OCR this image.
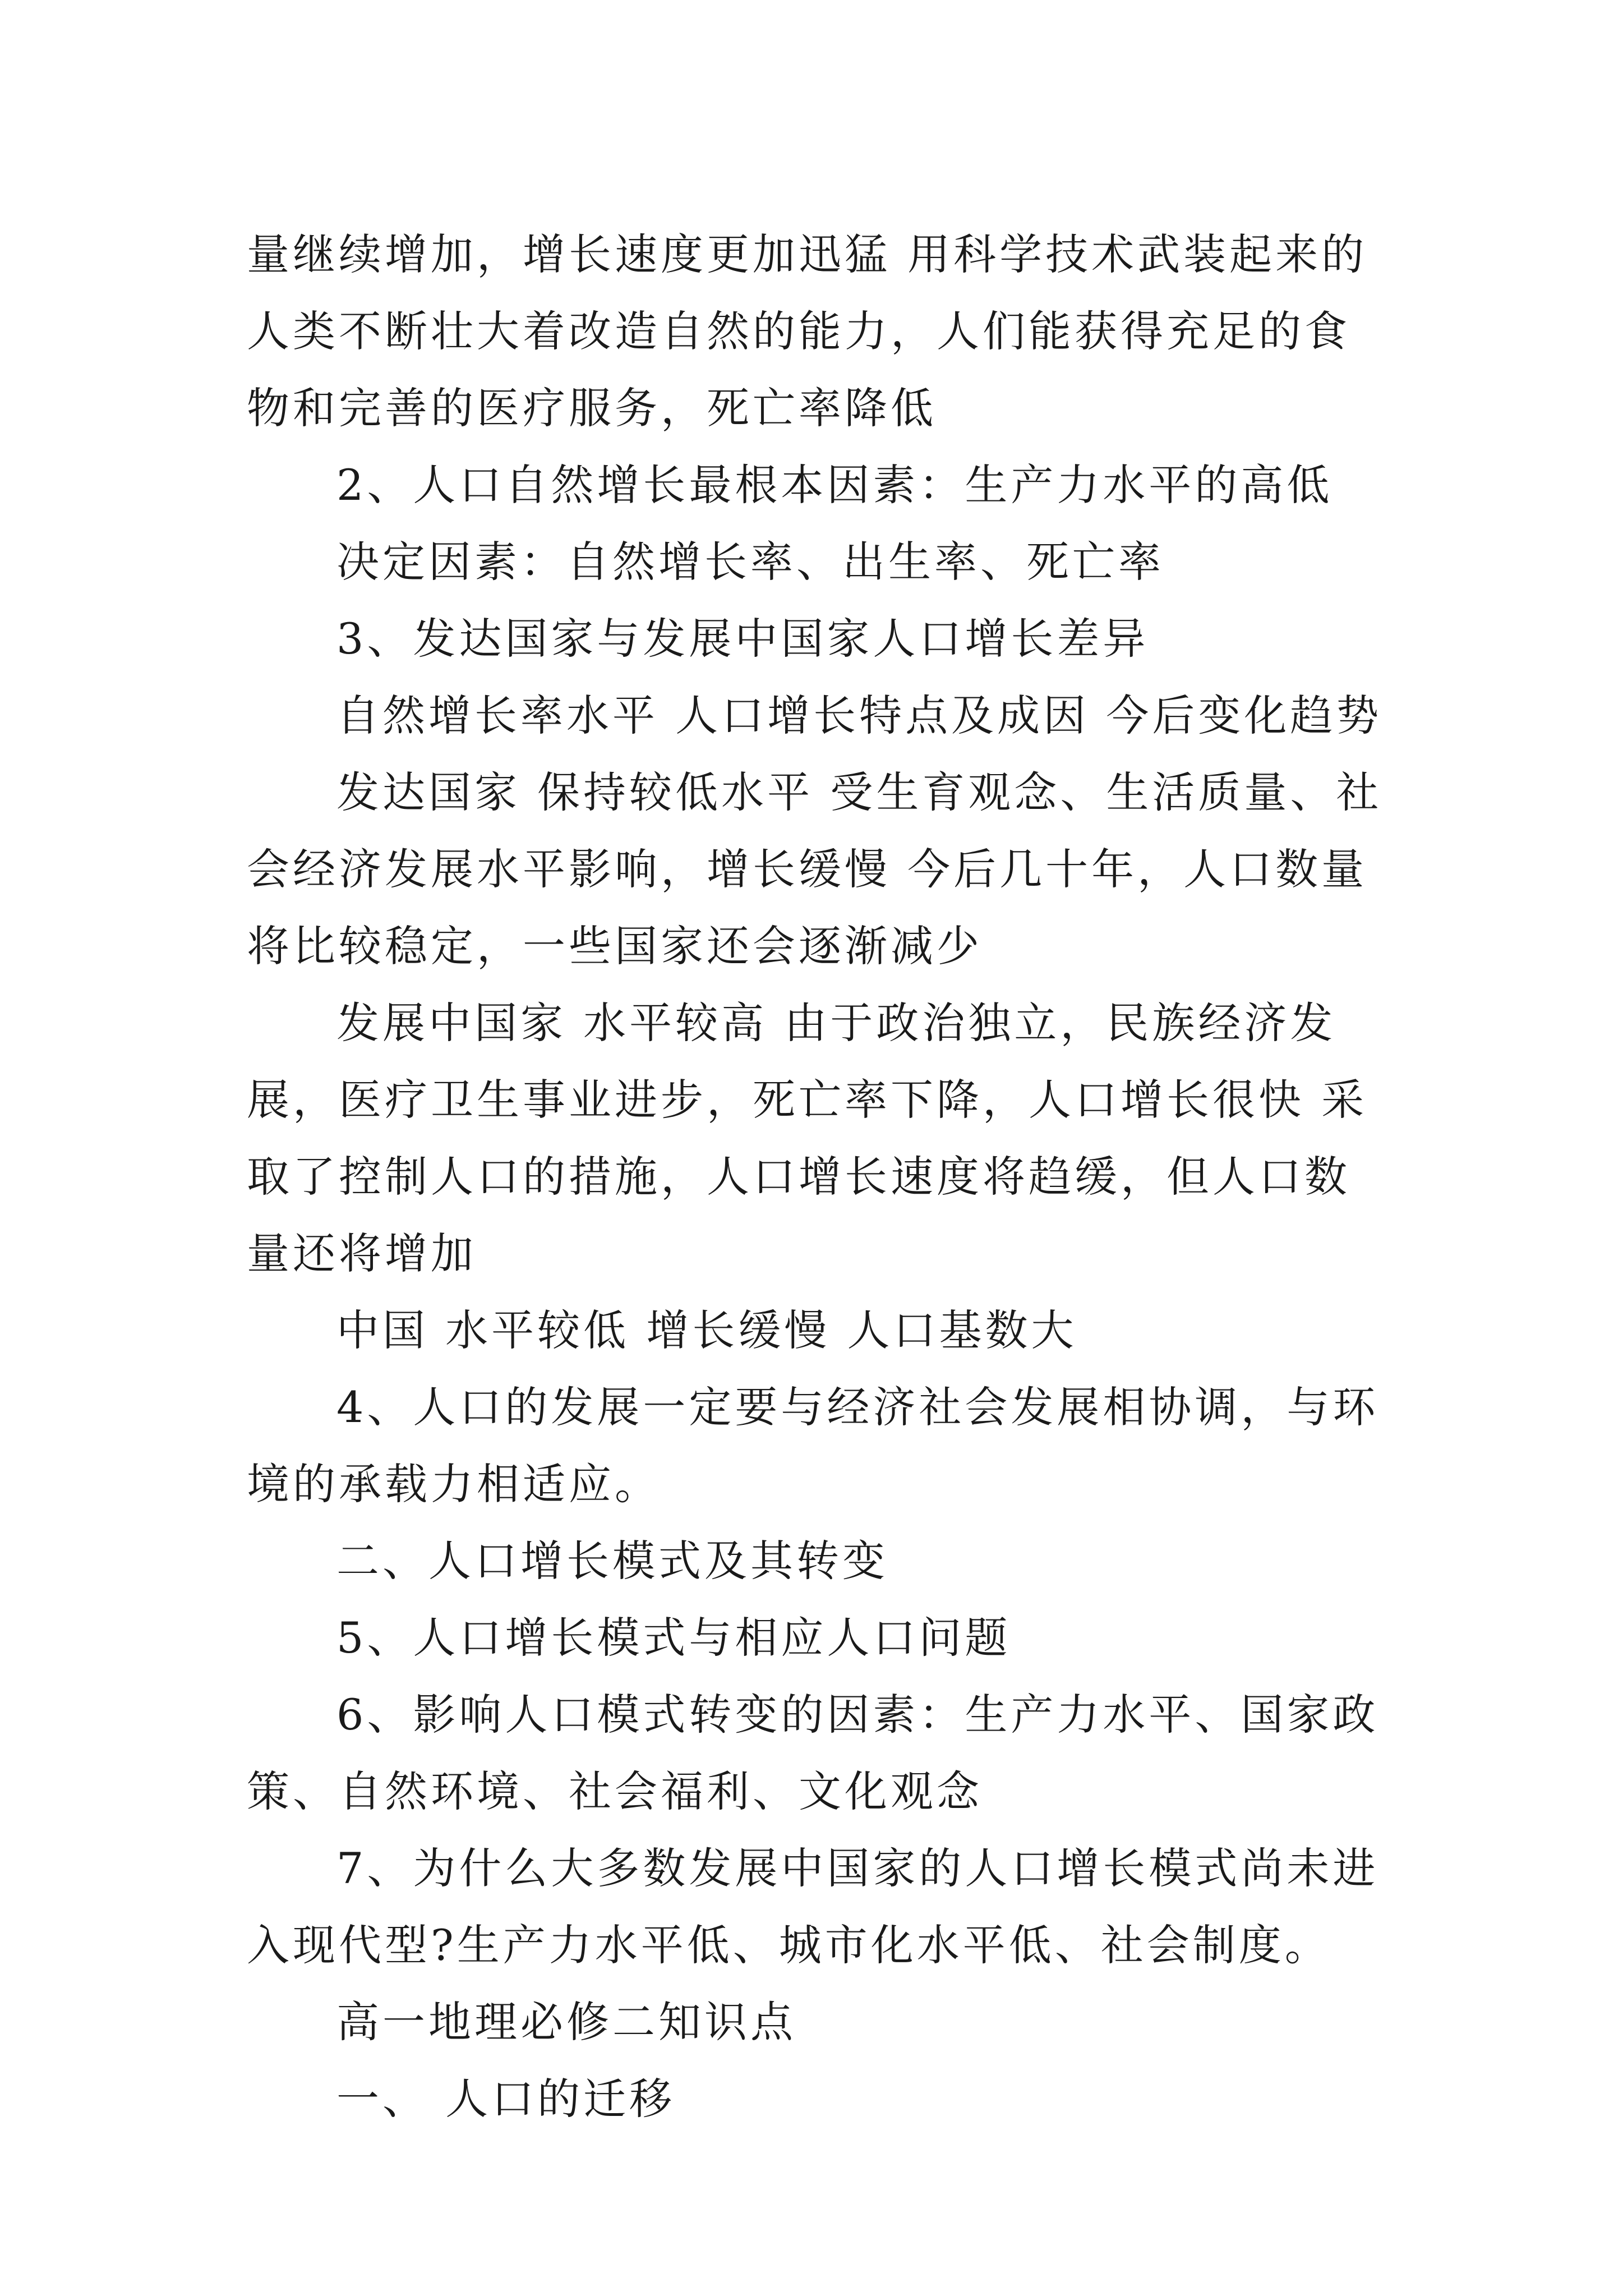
量继续增加，增长速度更加迅猛 用科学技术武装起来的人类不断壮大着改造自然的能力，人们能获得充足的食物和完善的医疗服务，死亡率降低

2、人口自然增长最根本因素：生产力水平的高低

决定因素：自然增长率、出生率、死亡率

3、发达国家与发展中国家人口增长差异

自然增长率水平 人口增长特点及成因 今后变化趋势

发达国家 保持较低水平 受生育观念、生活质量、社会经济发展水平影响，增长缓慢 今后几十年，人口数量将比较稳定，一些国家还会逐渐减少

发展中国家 水平较高 由于政治独立，民族经济发展，医疗卫生事业进步，死亡率下降，人口增长很快 采取了控制人口的措施，人口增长速度将趋缓，但人口数量还将增加

中国 水平较低 增长缓慢 人口基数大

4、人口的发展一定要与经济社会发展相协调，与环境的承载力相适应。

二、人口增长模式及其转变

5、人口增长模式与相应人口问题

6、影响人口模式转变的因素：生产力水平、国家政策、自然环境、社会福利、文化观念

7、为什么大多数发展中国家的人口增长模式尚未进入现代型?生产力水平低、城市化水平低、社会制度。

高一地理必修二知识点

一、 人口的迁移
